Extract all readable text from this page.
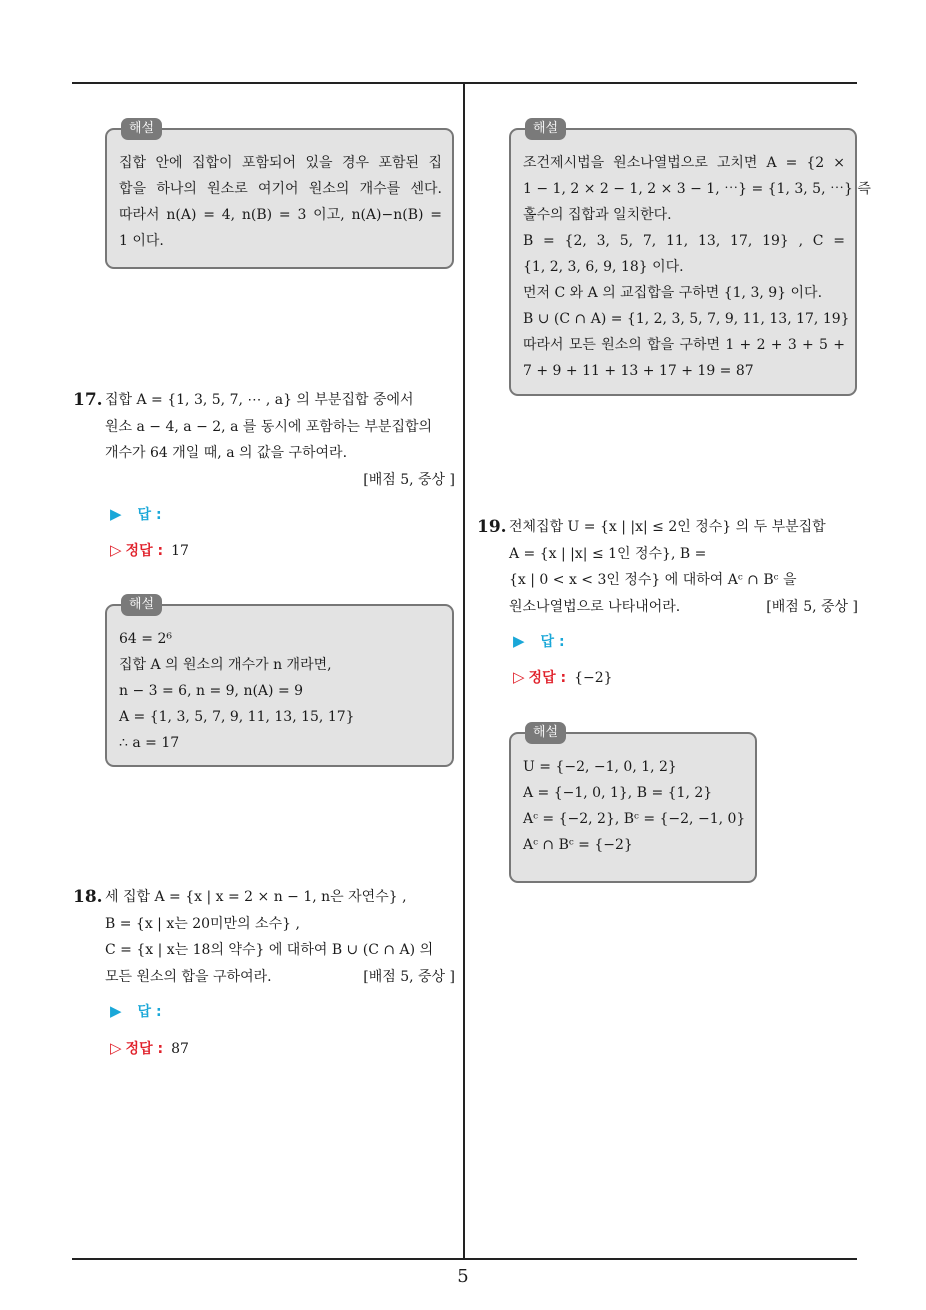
해설
집합 안에 집합이 포함되어 있을 경우 포함된 집
합을 하나의 원소로 여기어 원소의 개수를 센다.
따라서 n(A) = 4, n(B) = 3 이고, n(A)−n(B) =
1 이다.
17. 집합 A = {1, 3, 5, 7, ⋯ , a} 의 부분집합 중에서
원소 a − 4, a − 2, a 를 동시에 포함하는 부분집합의
개수가 64 개일 때, a 의 값을 구하여라.
[배점 5, 중상 ]
▶ 답 :
▷ 정답 : 17
해설
64 = 2⁶
집합 A 의 원소의 개수가 n 개라면,
n − 3 = 6, n = 9, n(A) = 9
A = {1, 3, 5, 7, 9, 11, 13, 15, 17}
∴ a = 17
18. 세 집합 A = {x | x = 2 × n − 1, n은 자연수} ,
B = {x | x는 20미만의 소수} ,
C = {x | x는 18의 약수} 에 대하여 B ∪ (C ∩ A) 의
모든 원소의 합을 구하여라.	[배점 5, 중상 ]
▶ 답 :
▷ 정답 : 87
해설
조건제시법을 원소나열법으로 고치면 A = {2 ×
1 − 1, 2 × 2 − 1, 2 × 3 − 1, ⋯} = {1, 3, 5, ⋯} 즉
홀수의 집합과 일치한다.
B = {2, 3, 5, 7, 11, 13, 17, 19} , C =
{1, 2, 3, 6, 9, 18} 이다.
먼저 C 와 A 의 교집합을 구하면 {1, 3, 9} 이다.
B ∪ (C ∩ A) = {1, 2, 3, 5, 7, 9, 11, 13, 17, 19}
따라서 모든 원소의 합을 구하면 1 + 2 + 3 + 5 +
7 + 9 + 11 + 13 + 17 + 19 = 87
19. 전체집합 U = {x | |x| ≤ 2인 정수} 의 두 부분집합
A = {x | |x| ≤ 1인 정수}, B =
{x | 0 < x < 3인 정수} 에 대하여 Aᶜ ∩ Bᶜ 을
원소나열법으로 나타내어라.	[배점 5, 중상 ]
▶ 답 :
▷ 정답 : {−2}
해설
U = {−2, −1, 0, 1, 2}
A = {−1, 0, 1}, B = {1, 2}
Aᶜ = {−2, 2}, Bᶜ = {−2, −1, 0}
Aᶜ ∩ Bᶜ = {−2}
5
